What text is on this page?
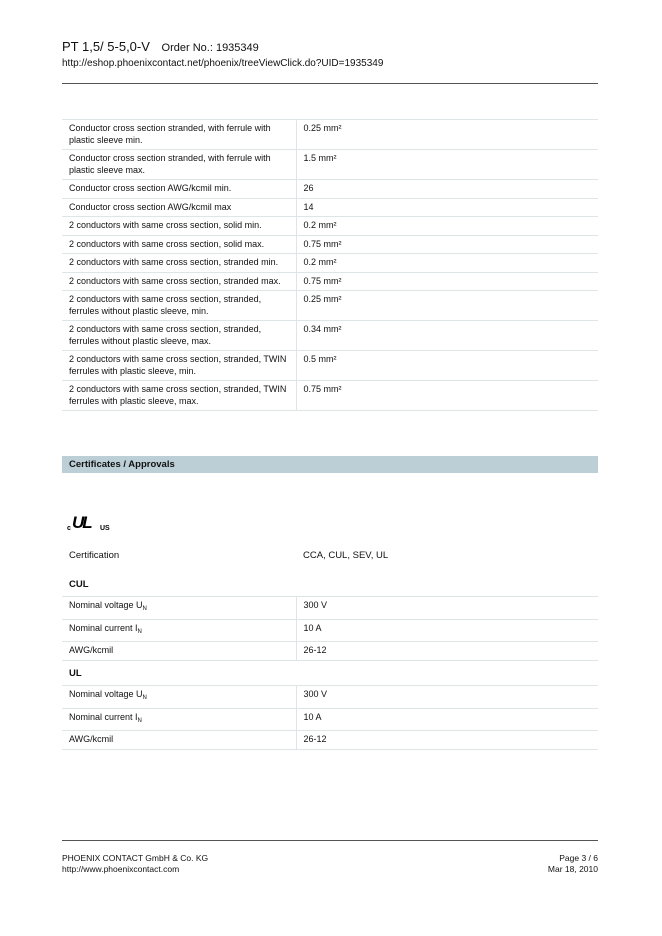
PT 1,5/ 5-5,0-V Order No.: 1935349
http://eshop.phoenixcontact.net/phoenix/treeViewClick.do?UID=1935349
Conductor cross section stranded, with ferrule with plastic sleeve min.	0.25 mm²
Conductor cross section stranded, with ferrule with plastic sleeve max.	1.5 mm²
Conductor cross section AWG/kcmil min.	26
Conductor cross section AWG/kcmil max	14
2 conductors with same cross section, solid min.	0.2 mm²
2 conductors with same cross section, solid max.	0.75 mm²
2 conductors with same cross section, stranded min.	0.2 mm²
2 conductors with same cross section, stranded max.	0.75 mm²
2 conductors with same cross section, stranded, ferrules without plastic sleeve, min.	0.25 mm²
2 conductors with same cross section, stranded, ferrules without plastic sleeve, max.	0.34 mm²
2 conductors with same cross section, stranded, TWIN ferrules with plastic sleeve, min.	0.5 mm²
2 conductors with same cross section, stranded, TWIN ferrules with plastic sleeve, max.	0.75 mm²
Certificates / Approvals
c UL US
Certification	CCA, CUL, SEV, UL
CUL
Nominal voltage $U_N$	300 V
Nominal current $I_N$	10 A
AWG/kcmil	26-12
UL
Nominal voltage $U_N$	300 V
Nominal current $I_N$	10 A
AWG/kcmil	26-12
PHOENIX CONTACT GmbH & Co. KG
http://www.phoenixcontact.com
Page 3 / 6
Mar 18, 2010
